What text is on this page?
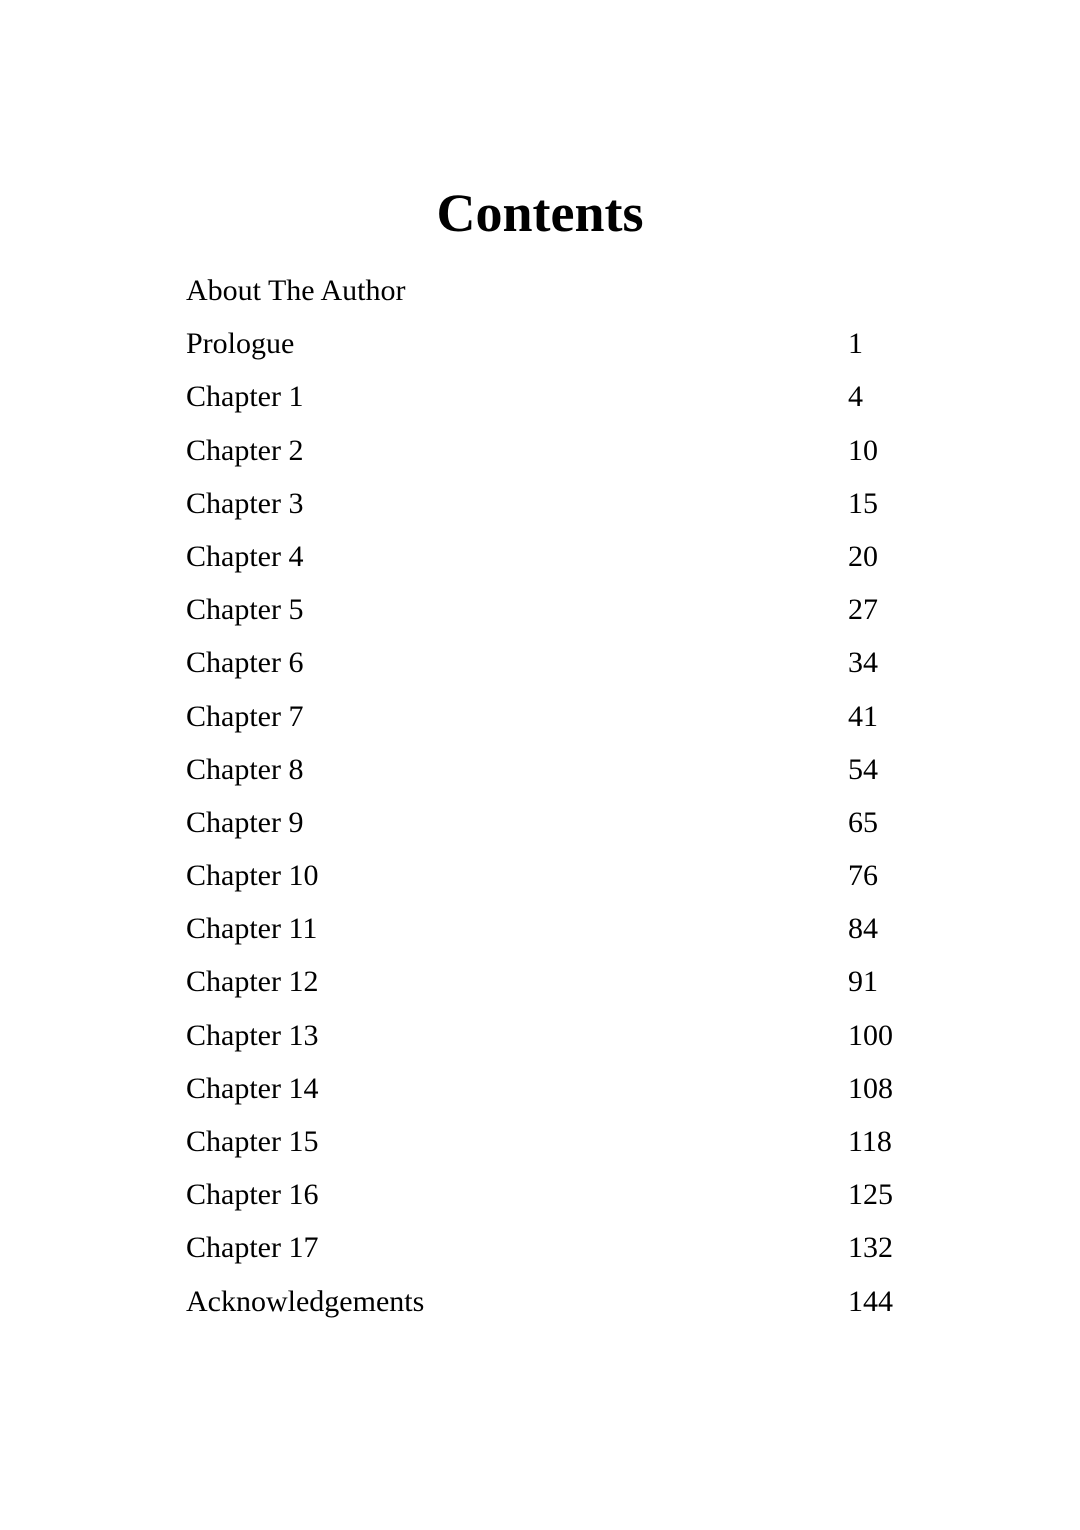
Contents
About The Author
Prologue	1
Chapter 1	4
Chapter 2	10
Chapter 3	15
Chapter 4	20
Chapter 5	27
Chapter 6	34
Chapter 7	41
Chapter 8	54
Chapter 9	65
Chapter 10	76
Chapter 11	84
Chapter 12	91
Chapter 13	100
Chapter 14	108
Chapter 15	118
Chapter 16	125
Chapter 17	132
Acknowledgements	144
